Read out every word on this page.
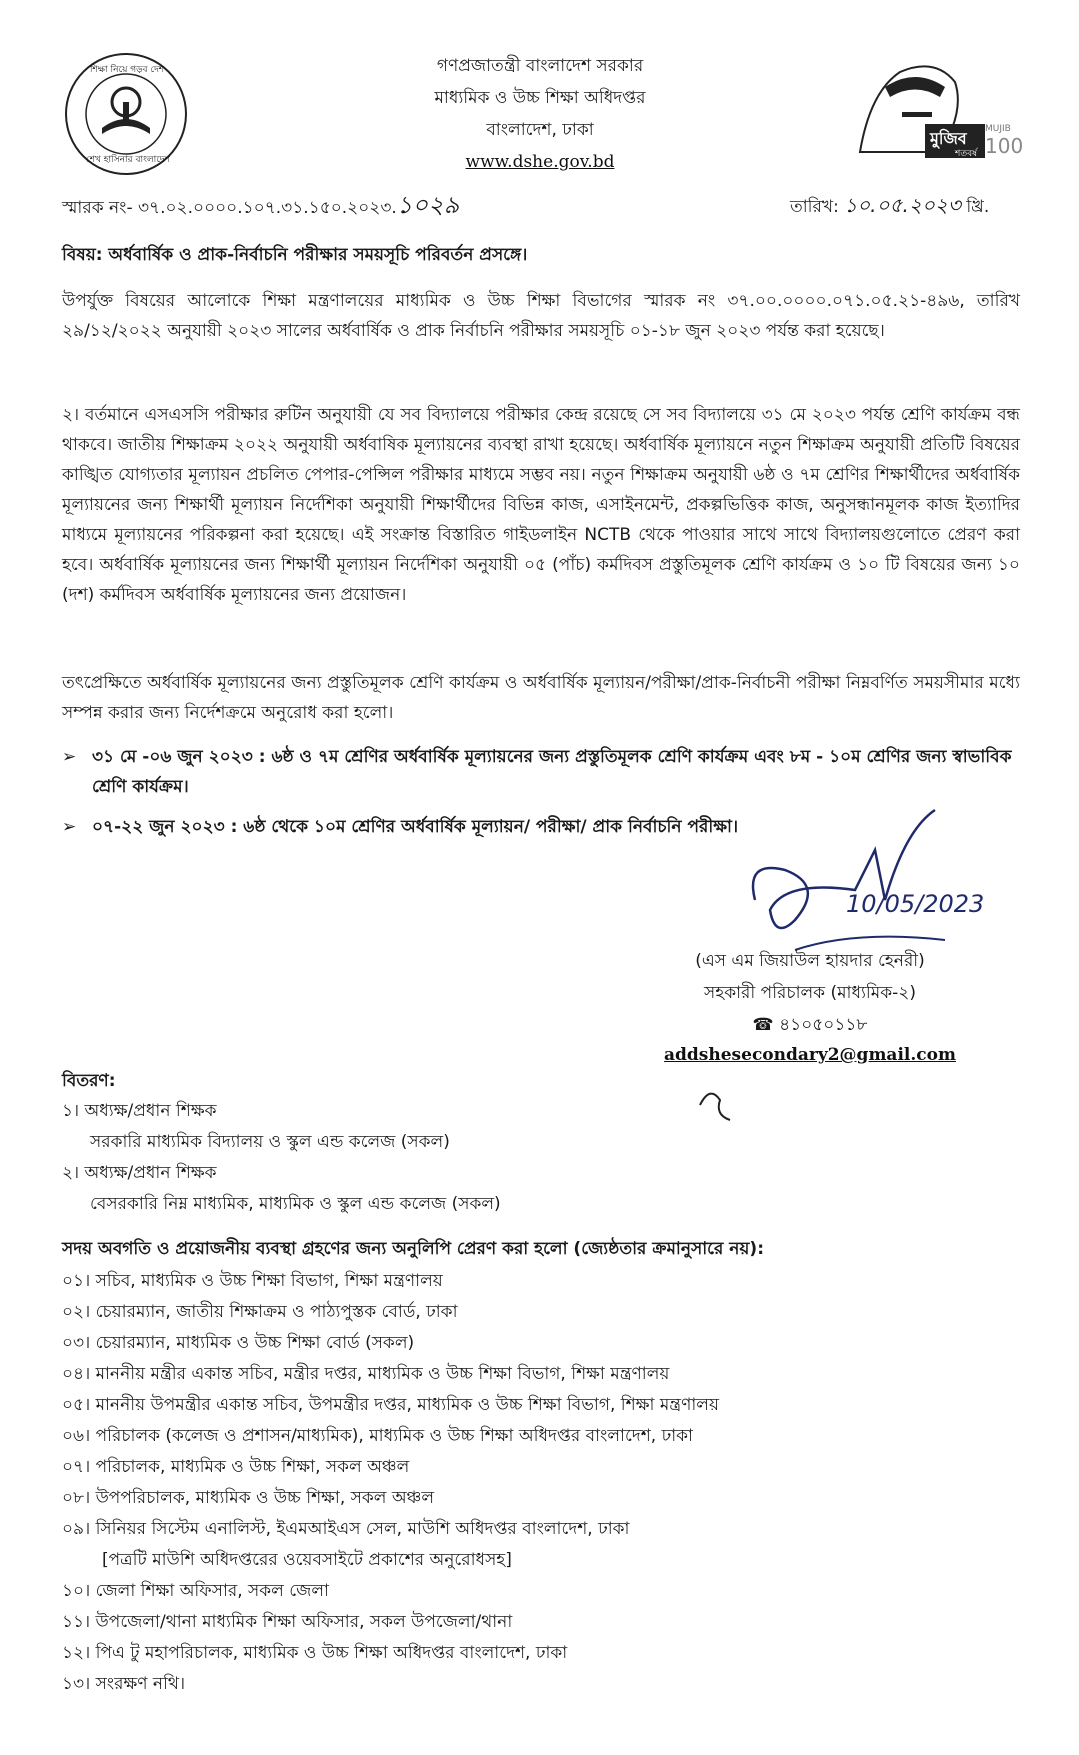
শিক্ষা নিয়ে গড়ব দেশ
শেখ হাসিনার বাংলাদেশ
গণপ্রজাতন্ত্রী বাংলাদেশ সরকার
মাধ্যমিক ও উচ্চ শিক্ষা অধিদপ্তর
বাংলাদেশ, ঢাকা
www.dshe.gov.bd
মুজিব
শতবর্ষ
MUJIB
100
স্মারক নং- ৩৭.০২.০০০০.১০৭.৩১.১৫০.২০২৩.১০২৯	তারিখ: ১০.০৫.২০২৩ খ্রি.
বিষয়: অর্ধবার্ষিক ও প্রাক-নির্বাচনি পরীক্ষার সময়সূচি পরিবর্তন প্রসঙ্গে।
উপর্যুক্ত বিষয়ের আলোকে শিক্ষা মন্ত্রণালয়ের মাধ্যমিক ও উচ্চ শিক্ষা বিভাগের স্মারক নং ৩৭.০০.০০০০.০৭১.০৫.২১-৪৯৬, তারিখ ২৯/১২/২০২২ অনুযায়ী ২০২৩ সালের অর্ধবার্ষিক ও প্রাক নির্বাচনি পরীক্ষার সময়সূচি ০১-১৮ জুন ২০২৩ পর্যন্ত করা হয়েছে।
২। বর্তমানে এসএসসি পরীক্ষার রুটিন অনুযায়ী যে সব বিদ্যালয়ে পরীক্ষার কেন্দ্র রয়েছে সে সব বিদ্যালয়ে ৩১ মে ২০২৩ পর্যন্ত শ্রেণি কার্যক্রম বন্ধ থাকবে। জাতীয় শিক্ষাক্রম ২০২২ অনুযায়ী অর্ধবাষিক মূল্যায়নের ব্যবস্থা রাখা হয়েছে। অর্ধবার্ষিক মূল্যায়নে নতুন শিক্ষাক্রম অনুযায়ী প্রতিটি বিষয়ের কাঙ্খিত যোগ্যতার মূল্যায়ন প্রচলিত পেপার-পেন্সিল পরীক্ষার মাধ্যমে সম্ভব নয়। নতুন শিক্ষাক্রম অনুযায়ী ৬ষ্ঠ ও ৭ম শ্রেণির শিক্ষার্থীদের অর্ধবার্ষিক মূল্যায়নের জন্য শিক্ষার্থী মূল্যায়ন নির্দেশিকা অনুযায়ী শিক্ষার্থীদের বিভিন্ন কাজ, এসাইনমেন্ট, প্রকল্পভিত্তিক কাজ, অনুসন্ধানমূলক কাজ ইত্যাদির মাধ্যমে মূল্যায়নের পরিকল্পনা করা হয়েছে। এই সংক্রান্ত বিস্তারিত গাইডলাইন NCTB থেকে পাওয়ার সাথে সাথে বিদ্যালয়গুলোতে প্রেরণ করা হবে। অর্ধবার্ষিক মূল্যায়নের জন্য শিক্ষার্থী মূল্যায়ন নির্দেশিকা অনুযায়ী ০৫ (পাঁচ) কর্মদিবস প্রস্তুতিমূলক শ্রেণি কার্যক্রম ও ১০ টি বিষয়ের জন্য ১০ (দশ) কর্মদিবস অর্ধবার্ষিক মূল্যায়নের জন্য প্রয়োজন।
তৎপ্রেক্ষিতে অর্ধবার্ষিক মূল্যায়নের জন্য প্রস্তুতিমূলক শ্রেণি কার্যক্রম ও অর্ধবার্ষিক মূল্যায়ন/পরীক্ষা/প্রাক-নির্বাচনী পরীক্ষা নিম্নবর্ণিত সময়সীমার মধ্যে সম্পন্ন করার জন্য নির্দেশক্রমে অনুরোধ করা হলো।
➢ ৩১ মে -০৬ জুন ২০২৩ : ৬ষ্ঠ ও ৭ম শ্রেণির অর্ধবার্ষিক মূল্যায়নের জন্য প্রস্তুতিমূলক শ্রেণি কার্যক্রম এবং ৮ম - ১০ম শ্রেণির জন্য স্বাভাবিক শ্রেণি কার্যক্রম।
➢ ০৭-২২ জুন ২০২৩ : ৬ষ্ঠ থেকে ১০ম শ্রেণির অর্ধবার্ষিক মূল্যায়ন/ পরীক্ষা/ প্রাক নির্বাচনি পরীক্ষা।
10/05/2023
(এস এম জিয়াউল হায়দার হেনরী)
সহকারী পরিচালক (মাধ্যমিক-২)
☎ ৪১০৫০১১৮
addshesecondary2@gmail.com
বিতরণ:
১। অধ্যক্ষ/প্রধান শিক্ষক
সরকারি মাধ্যমিক বিদ্যালয় ও স্কুল এন্ড কলেজ (সকল)
২। অধ্যক্ষ/প্রধান শিক্ষক
বেসরকারি নিম্ন মাধ্যমিক, মাধ্যমিক ও স্কুল এন্ড কলেজ (সকল)
সদয় অবগতি ও প্রয়োজনীয় ব্যবস্থা গ্রহণের জন্য অনুলিপি প্রেরণ করা হলো (জ্যেষ্ঠতার ক্রমানুসারে নয়):
০১। সচিব, মাধ্যমিক ও উচ্চ শিক্ষা বিভাগ, শিক্ষা মন্ত্রণালয়
০২। চেয়ারম্যান, জাতীয় শিক্ষাক্রম ও পাঠ্যপুস্তক বোর্ড, ঢাকা
০৩। চেয়ারম্যান, মাধ্যমিক ও উচ্চ শিক্ষা বোর্ড (সকল)
০৪। মাননীয় মন্ত্রীর একান্ত সচিব, মন্ত্রীর দপ্তর, মাধ্যমিক ও উচ্চ শিক্ষা বিভাগ, শিক্ষা মন্ত্রণালয়
০৫। মাননীয় উপমন্ত্রীর একান্ত সচিব, উপমন্ত্রীর দপ্তর, মাধ্যমিক ও উচ্চ শিক্ষা বিভাগ, শিক্ষা মন্ত্রণালয়
০৬। পরিচালক (কলেজ ও প্রশাসন/মাধ্যমিক), মাধ্যমিক ও উচ্চ শিক্ষা অধিদপ্তর বাংলাদেশ, ঢাকা
০৭। পরিচালক, মাধ্যমিক ও উচ্চ শিক্ষা, সকল অঞ্চল
০৮। উপপরিচালক, মাধ্যমিক ও উচ্চ শিক্ষা, সকল অঞ্চল
০৯। সিনিয়র সিস্টেম এনালিস্ট, ইএমআইএস সেল, মাউশি অধিদপ্তর বাংলাদেশ, ঢাকা
[পত্রটি মাউশি অধিদপ্তরের ওয়েবসাইটে প্রকাশের অনুরোধসহ]
১০। জেলা শিক্ষা অফিসার, সকল জেলা
১১। উপজেলা/থানা মাধ্যমিক শিক্ষা অফিসার, সকল উপজেলা/থানা
১২। পিএ টু মহাপরিচালক, মাধ্যমিক ও উচ্চ শিক্ষা অধিদপ্তর বাংলাদেশ, ঢাকা
১৩। সংরক্ষণ নথি।
